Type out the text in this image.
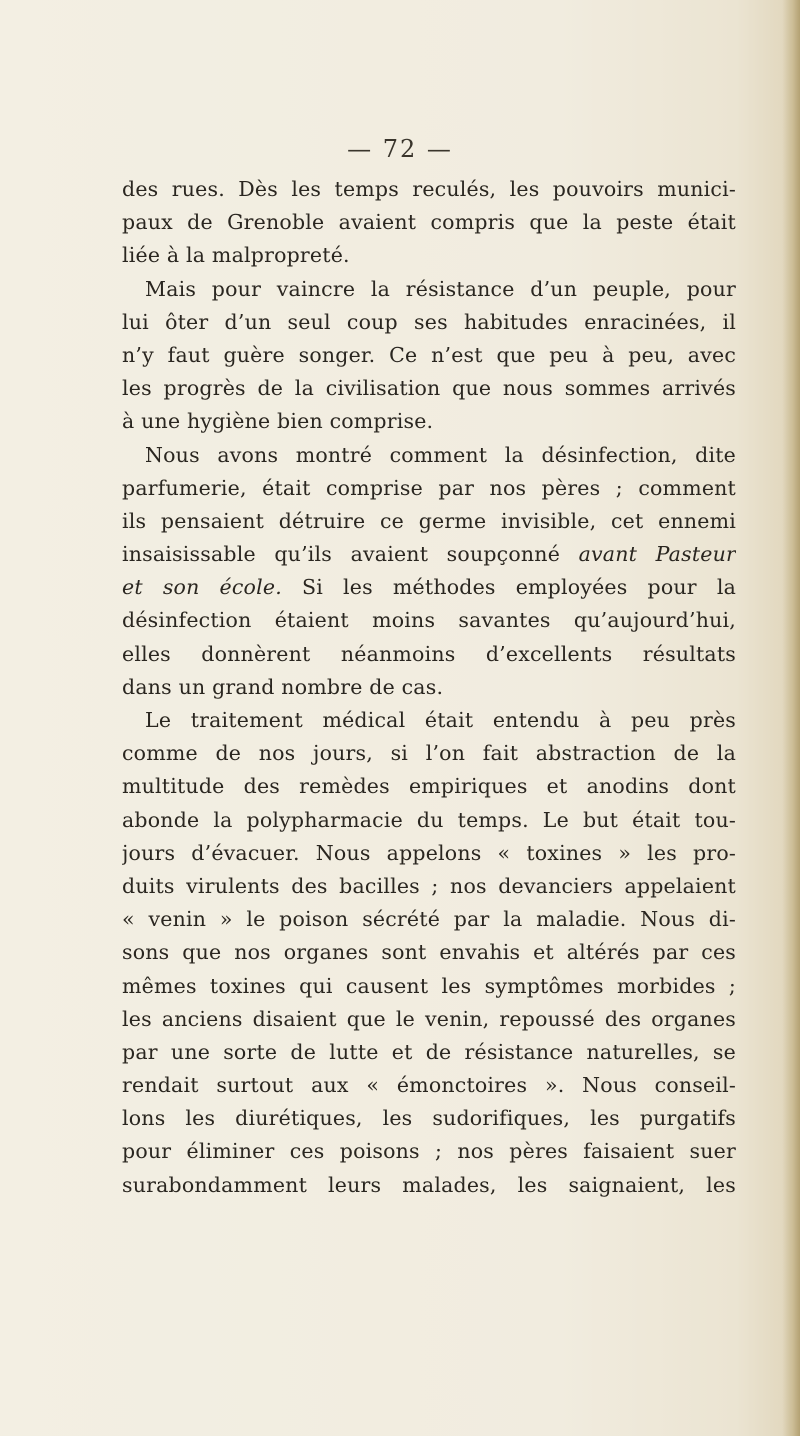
— 72 —
des rues. Dès les temps reculés, les pouvoirs munici-
paux de Grenoble avaient compris que la peste était
liée à la malpropreté.
Mais pour vaincre la résistance d’un peuple, pour
lui ôter d’un seul coup ses habitudes enracinées, il
n’y faut guère songer. Ce n’est que peu à peu, avec
les progrès de la civilisation que nous sommes arrivés
à une hygiène bien comprise.
Nous avons montré comment la désinfection, dite
parfumerie, était comprise par nos pères ; comment
ils pensaient détruire ce germe invisible, cet ennemi
insaisissable qu’ils avaient soupçonné avant Pasteur
et son école. Si les méthodes employées pour la
désinfection étaient moins savantes qu’aujourd’hui,
elles donnèrent néanmoins d’excellents résultats
dans un grand nombre de cas.
Le traitement médical était entendu à peu près
comme de nos jours, si l’on fait abstraction de la
multitude des remèdes empiriques et anodins dont
abonde la polypharmacie du temps. Le but était tou-
jours d’évacuer. Nous appelons « toxines » les pro-
duits virulents des bacilles ; nos devanciers appelaient
« venin » le poison sécrété par la maladie. Nous di-
sons que nos organes sont envahis et altérés par ces
mêmes toxines qui causent les symptômes morbides ;
les anciens disaient que le venin, repoussé des organes
par une sorte de lutte et de résistance naturelles, se
rendait surtout aux « émonctoires ». Nous conseil-
lons les diurétiques, les sudorifiques, les purgatifs
pour éliminer ces poisons ; nos pères faisaient suer
surabondamment leurs malades, les saignaient, les
